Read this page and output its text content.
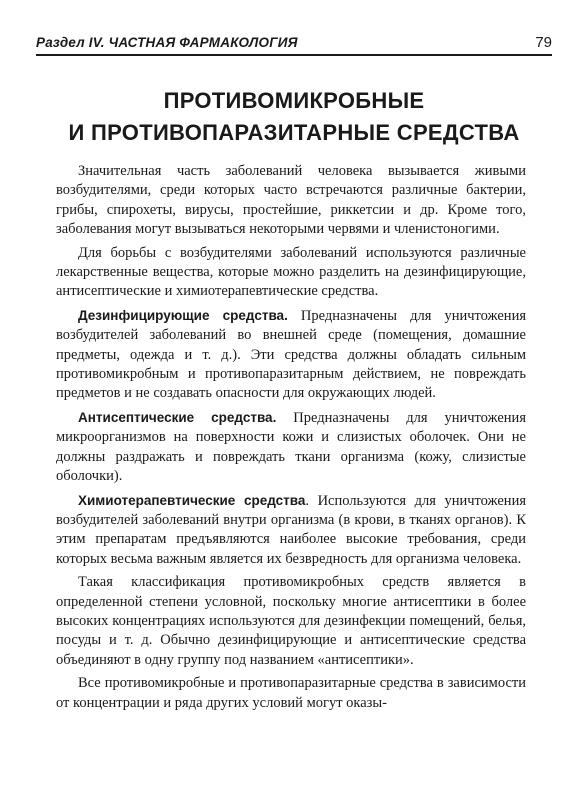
Раздел IV. ЧАСТНАЯ ФАРМАКОЛОГИЯ	79
ПРОТИВОМИКРОБНЫЕ
И ПРОТИВОПАРАЗИТАРНЫЕ СРЕДСТВА

Значительная часть заболеваний человека вызывается живыми возбудителями, среди которых часто встречаются различные бактерии, грибы, спирохеты, вирусы, простейшие, риккетсии и др. Кроме того, заболевания могут вызываться некоторыми червями и членистоногими.

Для борьбы с возбудителями заболеваний используются различные лекарственные вещества, которые можно разделить на дезинфицирующие, антисептические и химиотерапевтические средства.

Дезинфицирующие средства. Предназначены для уничтожения возбудителей заболеваний во внешней среде (помещения, домашние предметы, одежда и т. д.). Эти средства должны обладать сильным противомикробным и противопаразитарным действием, не повреждать предметов и не создавать опасности для окружающих людей.

Антисептические средства. Предназначены для уничтожения микроорганизмов на поверхности кожи и слизистых оболочек. Они не должны раздражать и повреждать ткани организма (кожу, слизистые оболочки).

Химиотерапевтические средства. Используются для уничтожения возбудителей заболеваний внутри организма (в крови, в тканях органов). К этим препаратам предъявляются наиболее высокие требования, среди которых весьма важным является их безвредность для организма человека.

Такая классификация противомикробных средств является в определенной степени условной, поскольку многие антисептики в более высоких концентрациях используются для дезинфекции помещений, белья, посуды и т. д. Обычно дезинфицирующие и антисептические средства объединяют в одну группу под названием «антисептики».

Все противомикробные и противопаразитарные средства в зависимости от концентрации и ряда других условий могут оказы-
